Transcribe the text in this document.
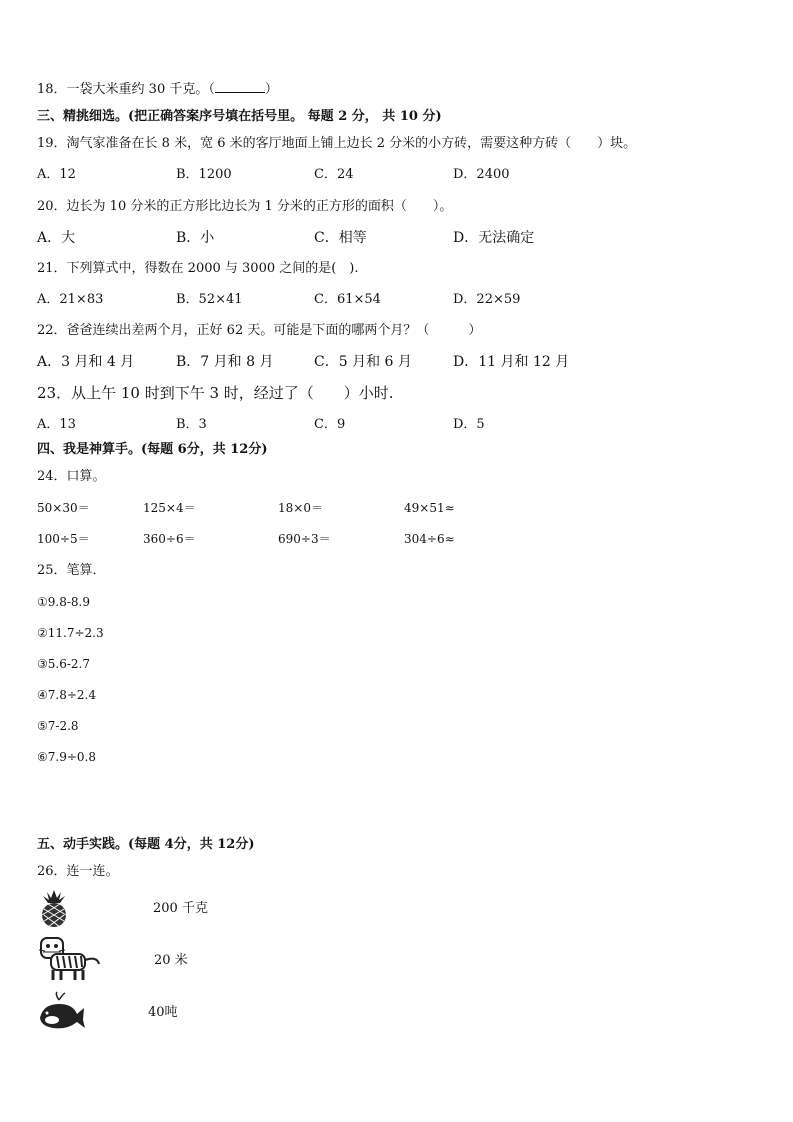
18．一袋大米重约 30 千克。（	）
三、精挑细选。(把正确答案序号填在括号里。 每题 2 分， 共 10 分)
19．淘气家准备在长 8 米，宽 6 米的客厅地面上铺上边长 2 分米的小方砖，需要这种方砖（　　）块。
A．12	B．1200	C．24	D．2400
20．边长为 10 分米的正方形比边长为 1 分米的正方形的面积（　　）。
A．大	B．小	C．相等	D．无法确定
21．下列算式中，得数在 2000 与 3000 之间的是(　).
A．21×83	B．52×41	C．61×54	D．22×59
22．爸爸连续出差两个月，正好 62 天。可能是下面的哪两个月？（　　　）
A．3 月和 4 月	B．7 月和 8 月	C．5 月和 6 月	D．11 月和 12 月
23．从上午 10 时到下午 3 时，经过了（　　）小时.
A．13	B．3	C．9	D．5
四、我是神算手。(每题 6分，共 12分)
24．口算。
50×30＝	125×4＝	18×0＝	49×51≈
100÷5＝	360÷6＝	690÷3＝	304÷6≈
25．笔算．
①9.8-8.9
②11.7÷2.3
③5.6-2.7
④7.8÷2.4
⑤7-2.8
⑥7.9÷0.8
五、动手实践。(每题 4分，共 12分)
26．连一连。
200 千克
20 米
40吨
